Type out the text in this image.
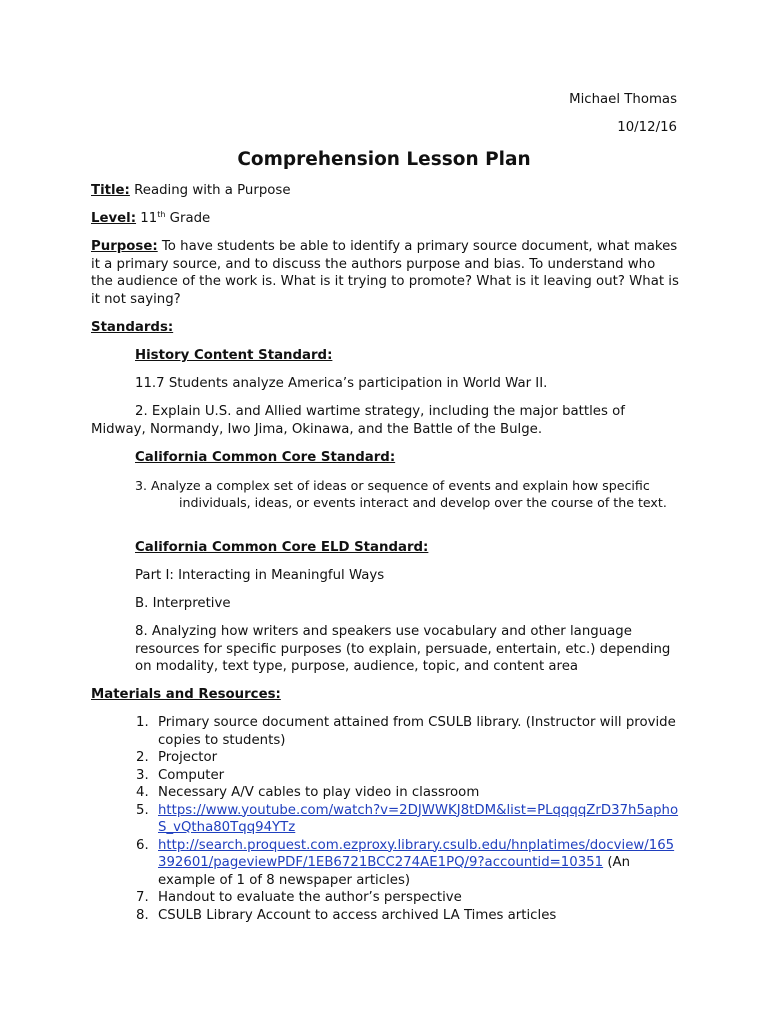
Michael Thomas
10/12/16
Comprehension Lesson Plan
Title: Reading with a Purpose
Level: 11th Grade
Purpose: To have students be able to identify a primary source document, what makes it a primary source, and to discuss the authors purpose and bias. To understand who the audience of the work is. What is it trying to promote? What is it leaving out? What is it not saying?
Standards:
History Content Standard:
11.7 Students analyze America’s participation in World War II.
2. Explain U.S. and Allied wartime strategy, including the major battles of Midway, Normandy, Iwo Jima, Okinawa, and the Battle of the Bulge.
California Common Core Standard:
3. Analyze a complex set of ideas or sequence of events and explain how specific individuals, ideas, or events interact and develop over the course of the text.
California Common Core ELD Standard:
Part I: Interacting in Meaningful Ways
B. Interpretive
8. Analyzing how writers and speakers use vocabulary and other language resources for specific purposes (to explain, persuade, entertain, etc.) depending on modality, text type, purpose, audience, topic, and content area
Materials and Resources:
1. Primary source document attained from CSULB library. (Instructor will provide copies to students)
2. Projector
3. Computer
4. Necessary A/V cables to play video in classroom
5. https://www.youtube.com/watch?v=2DJWWKJ8tDM&list=PLqqqqZrD37h5aphoS_vQtha80Tqq94YTz
6. http://search.proquest.com.ezproxy.library.csulb.edu/hnplatimes/docview/165392601/pageviewPDF/1EB6721BCC274AE1PQ/9?accountid=10351 (An example of 1 of 8 newspaper articles)
7. Handout to evaluate the author’s perspective
8. CSULB Library Account to access archived LA Times articles
